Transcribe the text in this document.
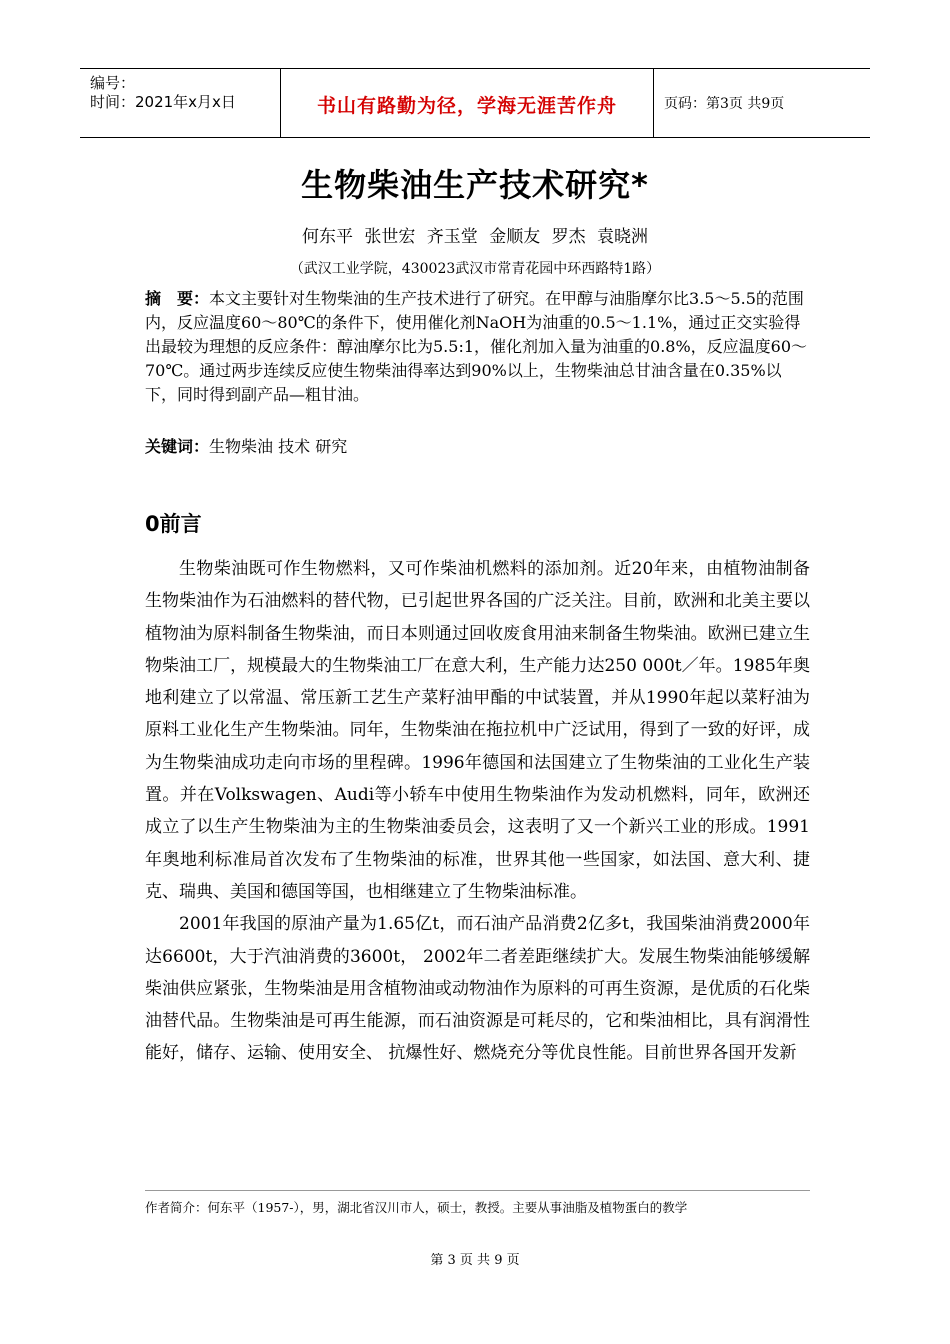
编号：
时间：2021年x月x日	书山有路勤为径，学海无涯苦作舟	页码：第3页 共9页
生物柴油生产技术研究*
何东平 张世宏 齐玉堂 金顺友 罗杰 袁晓洲
（武汉工业学院，430023武汉市常青花园中环西路特1路）
摘　要：本文主要针对生物柴油的生产技术进行了研究。在甲醇与油脂摩尔比3.5～5.5的范围内，反应温度60～80℃的条件下，使用催化剂NaOH为油重的0.5～1.1%，通过正交实验得出最较为理想的反应条件：醇油摩尔比为5.5:1，催化剂加入量为油重的0.8%，反应温度60～70℃。通过两步连续反应使生物柴油得率达到90%以上，生物柴油总甘油含量在0.35%以下，同时得到副产品—粗甘油。
关键词：生物柴油 技术 研究
0前言

生物柴油既可作生物燃料，又可作柴油机燃料的添加剂。近20年来，由植物油制备生物柴油作为石油燃料的替代物，已引起世界各国的广泛关注。目前，欧洲和北美主要以植物油为原料制备生物柴油，而日本则通过回收废食用油来制备生物柴油。欧洲已建立生物柴油工厂，规模最大的生物柴油工厂在意大利，生产能力达250 000t／年。1985年奥地利建立了以常温、常压新工艺生产菜籽油甲酯的中试装置，并从1990年起以菜籽油为原料工业化生产生物柴油。同年，生物柴油在拖拉机中广泛试用，得到了一致的好评，成为生物柴油成功走向市场的里程碑。1996年德国和法国建立了生物柴油的工业化生产装置。并在Volkswagen、Audi等小轿车中使用生物柴油作为发动机燃料，同年，欧洲还成立了以生产生物柴油为主的生物柴油委员会，这表明了又一个新兴工业的形成。1991年奥地利标准局首次发布了生物柴油的标准，世界其他一些国家，如法国、意大利、捷克、瑞典、美国和德国等国，也相继建立了生物柴油标准。

2001年我国的原油产量为1.65亿t，而石油产品消费2亿多t，我国柴油消费2000年达6600t，大于汽油消费的3600t， 2002年二者差距继续扩大。发展生物柴油能够缓解柴油供应紧张，生物柴油是用含植物油或动物油作为原料的可再生资源，是优质的石化柴油替代品。生物柴油是可再生能源，而石油资源是可耗尽的，它和柴油相比，具有润滑性能好，储存、运输、使用安全、 抗爆性好、燃烧充分等优良性能。目前世界各国开发新

作者简介：何东平（1957-），男，湖北省汉川市人，硕士，教授。主要从事油脂及植物蛋白的教学
第 3 页 共 9 页
